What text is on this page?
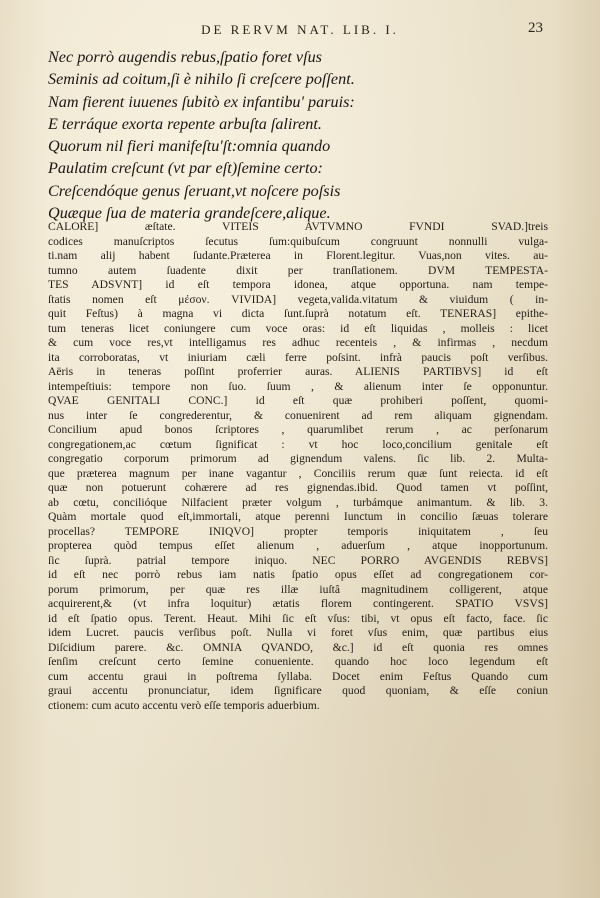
DE RERVM NAT. LIB. I.	23
Nec porrò augendis rebus,ſpatio foret vſus
Seminis ad coitum,ſi è nihilo ſi creſcere poſſent.
Nam fierent iuuenes ſubitò ex infantibu' paruis:
E terráque exorta repente arbuſta ſalirent.
Quorum nil fieri manifeſtu'ſt:omnia quando
Paulatim creſcunt (vt par eſt)ſemine certo:
Creſcendóque genus ſeruant,vt noſcere poſsis
Quæque ſua de materia grandeſcere,alique.
CALORE] æſtate. VITEIS AVTVMNO FVNDI SVAD.]treis
codices manuſcriptos ſecutus ſum:quibuſcum congruunt nonnulli vulga-
ti.nam alij habent ſudante.Præterea in Florent.legitur. Vuas,non vites. au-
tumno autem ſuadente dixit per tranſlationem. DVM TEMPESTA-
TES ADSVNT] id eſt tempora idonea, atque opportuna. nam tempe-
ſtatis nomen eſt μέσον. VIVIDA] vegeta,valida.vitatum & viuidum ( in-
quit Feſtus) à magna vi dicta ſunt.ſuprà notatum eſt. TENERAS] epithe-
tum teneras licet coniungere cum voce oras: id eſt liquidas , molleis : licet
& cum voce res,vt intelligamus res adhuc recenteis , & infirmas , necdum
ita corroboratas, vt iniuriam cæli ferre poſsint. infrà paucis poſt verſibus.
Aëris in teneras poſſint proferrier auras. ALIENIS PARTIBVS] id eſt
intempeſtiuis: tempore non ſuo. ſuum , & alienum inter ſe opponuntur.
QVAE GENITALI CONC.] id eſt quæ prohiberi poſſent, quomi-
nus inter ſe congrederentur, & conuenirent ad rem aliquam gignendam.
Concilium apud bonos ſcriptores , quarumlibet rerum , ac perſonarum
congregationem,ac cœtum ſignificat : vt hoc loco,concilium genitale eſt
congregatio corporum primorum ad gignendum valens. ſic lib. 2. Multa-
que præterea magnum per inane vagantur , Conciliis rerum quæ ſunt reiecta. id eſt
quæ non potuerunt cohærere ad res gignendas.ibid. Quod tamen vt poſſint,
ab cœtu, concilióque Nilfacient præter volgum , turbámque animantum. & lib. 3.
Quàm mortale quod eſt,immortali, atque perenni Iunctum in concilio ſæuas tolerare
procellas? TEMPORE INIQVO] propter temporis iniquitatem , ſeu
propterea quòd tempus eſſet alienum , aduerſum , atque inopportunum.
ſic ſuprà. patrial tempore iniquo. NEC PORRO AVGENDIS REBVS]
id eſt nec porrò rebus iam natis ſpatio opus eſſet ad congregationem cor-
porum primorum, per quæ res illæ iuſtâ magnitudinem colligerent, atque
acquirerent,& (vt infra loquitur) ætatis florem contingerent. SPATIO VSVS]
id eſt ſpatio opus. Terent. Heaut. Mihi ſic eſt vſus: tibi, vt opus eſt facto, face. ſic
idem Lucret. paucis verſibus poſt. Nulla vi foret vſus enim, quæ partibus eius
Diſcidium parere. &c. OMNIA QVANDO, &c.] id eſt quonia res omnes
ſenſim creſcunt certo ſemine conueniente. quando hoc loco legendum eſt
cum accentu graui in poſtrema ſyllaba. Docet enim Feſtus Quando cum
graui accentu pronunciatur, idem ſignificare quod quoniam, & eſſe coniun
ctionem: cum acuto accentu verò eſſe temporis aduerbium.
